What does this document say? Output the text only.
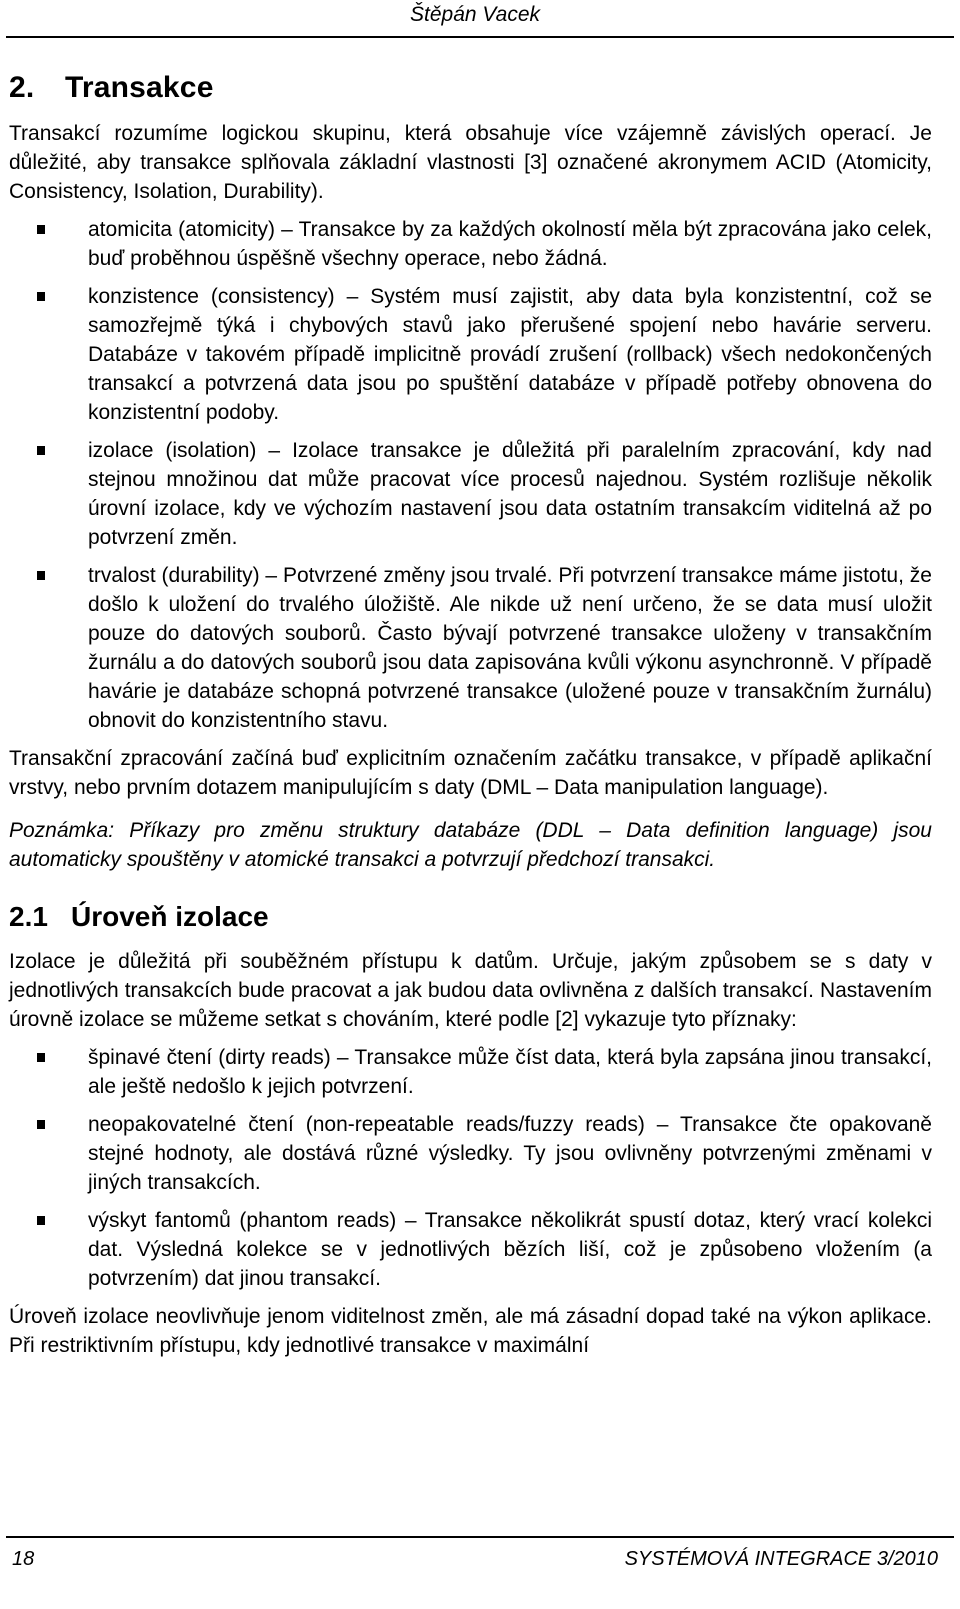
Štěpán Vacek
2. Transakce

Transakcí rozumíme logickou skupinu, která obsahuje více vzájemně závislých operací. Je důležité, aby transakce splňovala základní vlastnosti [3] označené akronymem ACID (Atomicity, Consistency, Isolation, Durability).

atomicita (atomicity) – Transakce by za každých okolností měla být zpracována jako celek, buď proběhnou úspěšně všechny operace, nebo žádná.
konzistence (consistency) – Systém musí zajistit, aby data byla konzistentní, což se samozřejmě týká i chybových stavů jako přerušené spojení nebo havárie serveru. Databáze v takovém případě implicitně provádí zrušení (rollback) všech nedokončených transakcí a potvrzená data jsou po spuštění databáze v případě potřeby obnovena do konzistentní podoby.
izolace (isolation) – Izolace transakce je důležitá při paralelním zpracování, kdy nad stejnou množinou dat může pracovat více procesů najednou. Systém rozlišuje několik úrovní izolace, kdy ve výchozím nastavení jsou data ostatním transakcím viditelná až po potvrzení změn.
trvalost (durability) – Potvrzené změny jsou trvalé. Při potvrzení transakce máme jistotu, že došlo k uložení do trvalého úložiště. Ale nikde už není určeno, že se data musí uložit pouze do datových souborů. Často bývají potvrzené transakce uloženy v transakčním žurnálu a do datových souborů jsou data zapisována kvůli výkonu asynchronně. V případě havárie je databáze schopná potvrzené transakce (uložené pouze v transakčním žurnálu) obnovit do konzistentního stavu.

Transakční zpracování začíná buď explicitním označením začátku transakce, v případě aplikační vrstvy, nebo prvním dotazem manipulujícím s daty (DML – Data manipulation language).

Poznámka: Příkazy pro změnu struktury databáze (DDL – Data definition language) jsou automaticky spouštěny v atomické transakci a potvrzují předchozí transakci.

2.1 Úroveň izolace

Izolace je důležitá při souběžném přístupu k datům. Určuje, jakým způsobem se s daty v jednotlivých transakcích bude pracovat a jak budou data ovlivněna z dalších transakcí. Nastavením úrovně izolace se můžeme setkat s chováním, které podle [2] vykazuje tyto příznaky:

špinavé čtení (dirty reads) – Transakce může číst data, která byla zapsána jinou transakcí, ale ještě nedošlo k jejich potvrzení.
neopakovatelné čtení (non-repeatable reads/fuzzy reads) – Transakce čte opakovaně stejné hodnoty, ale dostává různé výsledky. Ty jsou ovlivněny potvrzenými změnami v jiných transakcích.
výskyt fantomů (phantom reads) – Transakce několikrát spustí dotaz, který vrací kolekci dat. Výsledná kolekce se v jednotlivých bězích liší, což je způsobeno vložením (a potvrzením) dat jinou transakcí.

Úroveň izolace neovlivňuje jenom viditelnost změn, ale má zásadní dopad také na výkon aplikace. Při restriktivním přístupu, kdy jednotlivé transakce v maximální

18	SYSTÉMOVÁ INTEGRACE 3/2010
